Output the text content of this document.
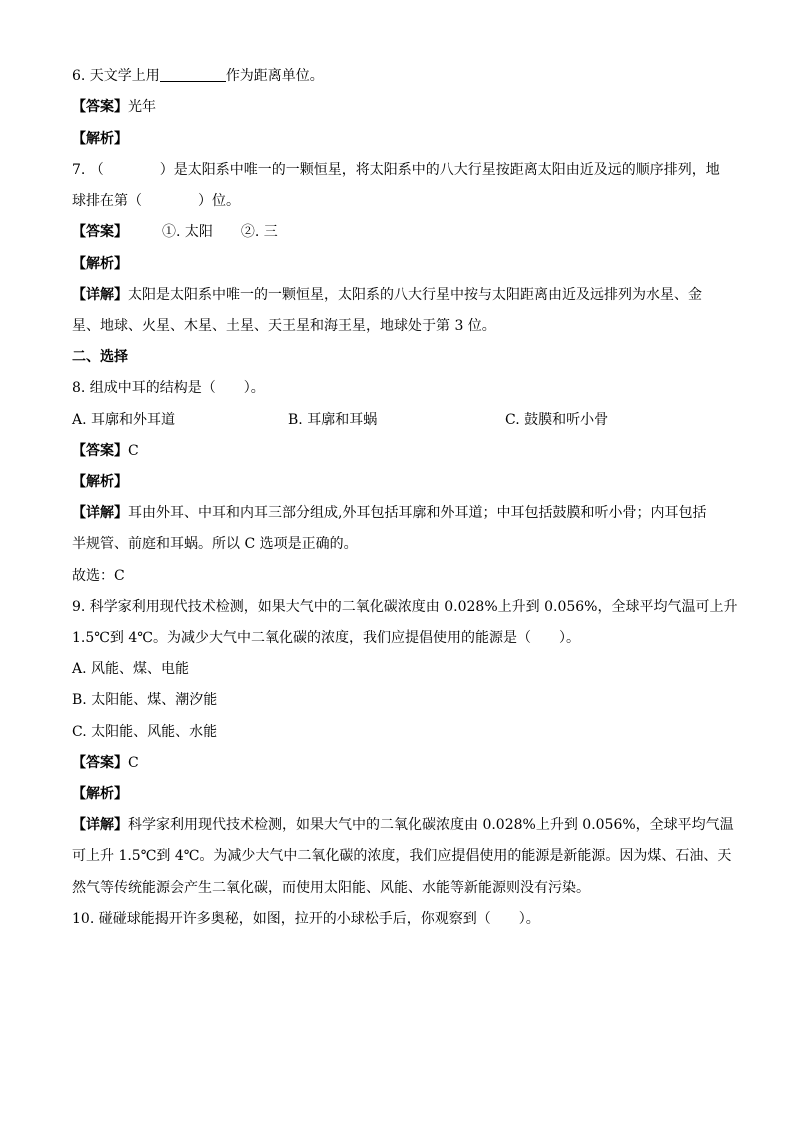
6. 天文学上用	作为距离单位。
【答案】光年
【解析】
7. （　　　　）是太阳系中唯一的一颗恒星，将太阳系中的八大行星按距离太阳由近及远的顺序排列，地
球排在第（　　　　）位。
【答案】 ①. 太阳 ②. 三
【解析】
【详解】太阳是太阳系中唯一的一颗恒星，太阳系的八大行星中按与太阳距离由近及远排列为水星、金
星、地球、火星、木星、土星、天王星和海王星，地球处于第 3 位。
二、选择
8. 组成中耳的结构是（　　）。
A. 耳廓和外耳道	B. 耳廓和耳蜗	C. 鼓膜和听小骨
【答案】C
【解析】
【详解】耳由外耳、中耳和内耳三部分组成,外耳包括耳廓和外耳道；中耳包括鼓膜和听小骨；内耳包括
半规管、前庭和耳蜗。所以 C 选项是正确的。
故选：C
9. 科学家利用现代技术检测，如果大气中的二氧化碳浓度由 0.028%上升到 0.056%，全球平均气温可上升
1.5℃到 4℃。为减少大气中二氧化碳的浓度，我们应提倡使用的能源是（　　）。
A. 风能、煤、电能
B. 太阳能、煤、潮汐能
C. 太阳能、风能、水能
【答案】C
【解析】
【详解】科学家利用现代技术检测，如果大气中的二氧化碳浓度由 0.028%上升到 0.056%，全球平均气温
可上升 1.5℃到 4℃。为减少大气中二氧化碳的浓度，我们应提倡使用的能源是新能源。因为煤、石油、天
然气等传统能源会产生二氧化碳，而使用太阳能、风能、水能等新能源则没有污染。
10. 碰碰球能揭开许多奥秘，如图，拉开的小球松手后，你观察到（　　）。
